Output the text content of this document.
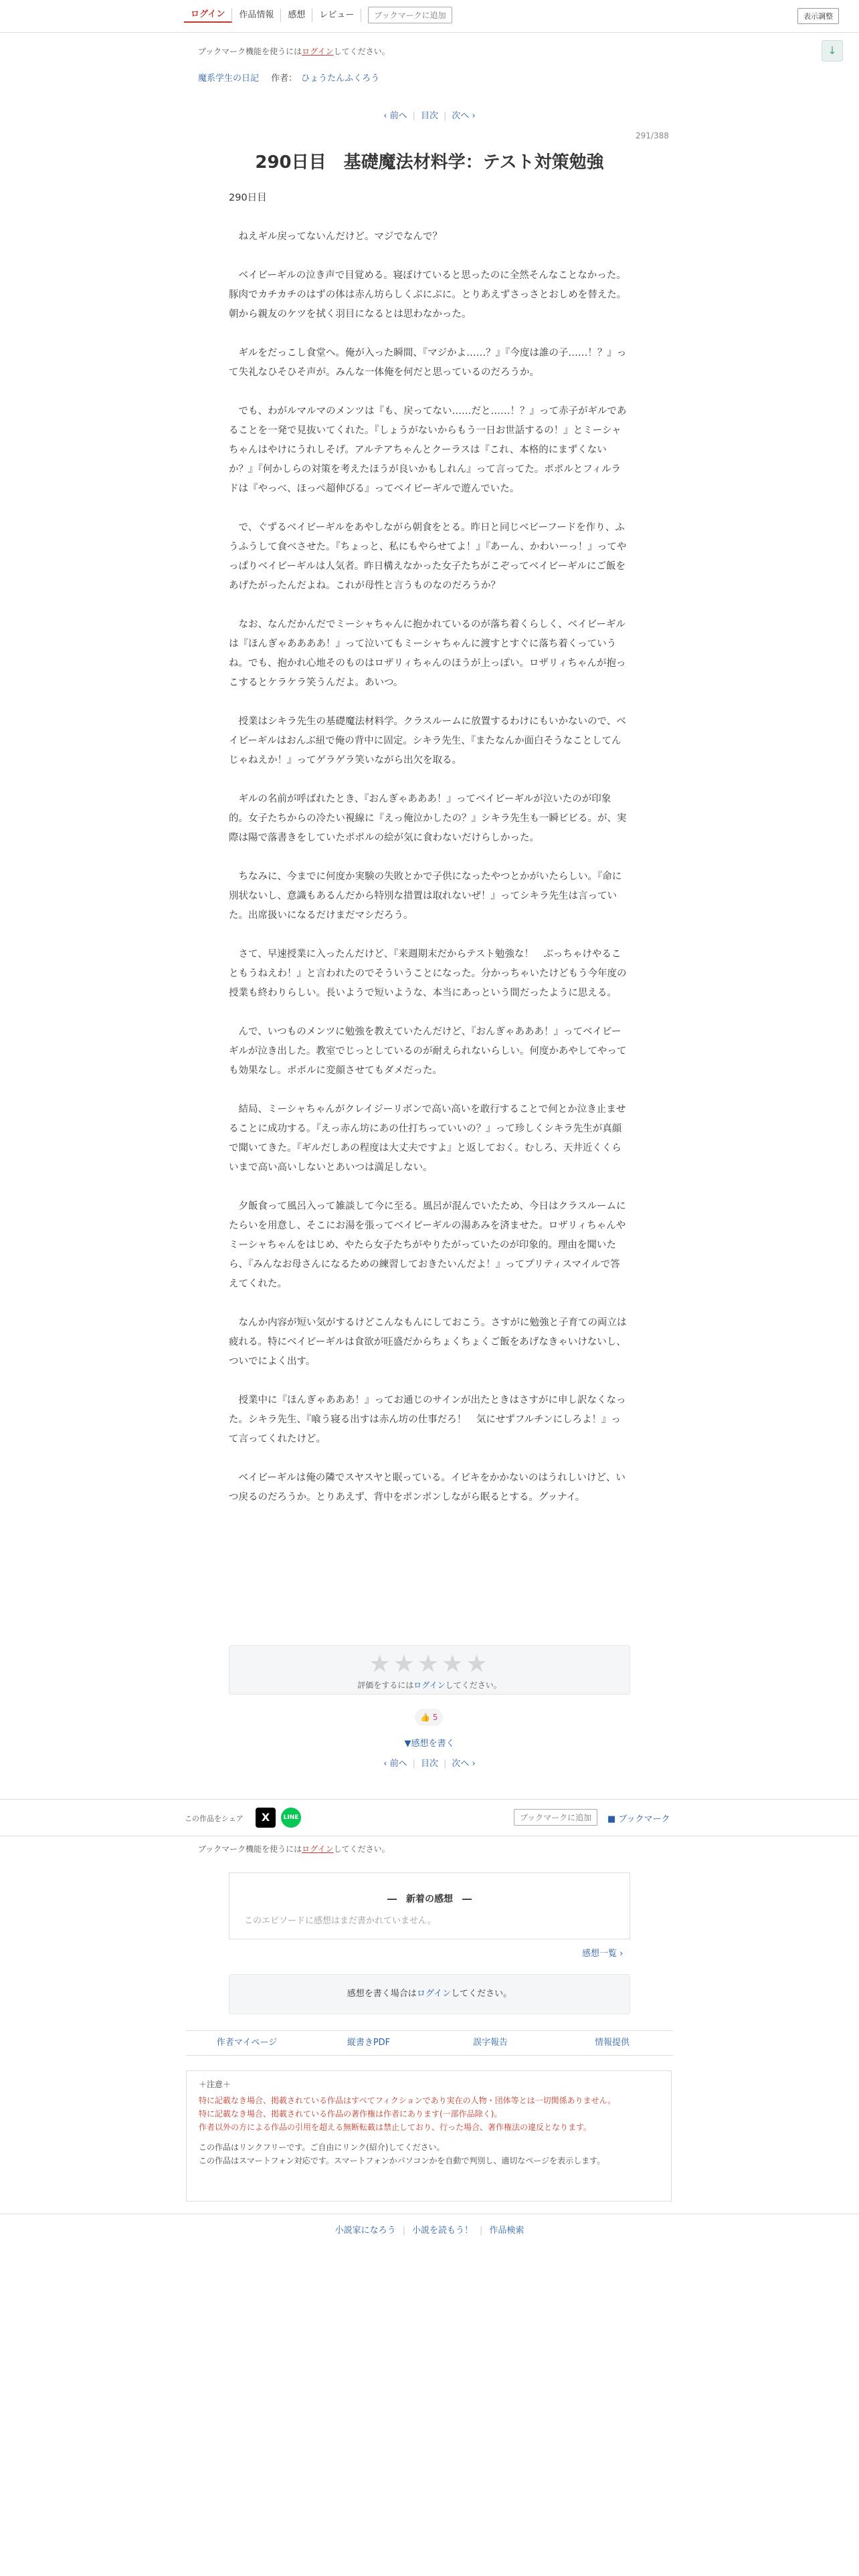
ログイン	作品情報	感想	レビュー	ブックマークに追加	表示調整
↓
ブックマーク機能を使うにはログインしてください。
魔系学生の日記 作者： ひょうたんふくろう
‹ 前へ | 目次 | 次へ ›
291/388
290日目　基礎魔法材料学：テスト対策勉強

290日目

　ねえギル戻ってないんだけど。マジでなんで？

　ベイビーギルの泣き声で目覚める。寝ぼけていると思ったのに全然そんなことなかった。豚肉でカチカチのはずの体は赤ん坊らしくぷにぷに。とりあえずさっさとおしめを替えた。朝から親友のケツを拭く羽目になるとは思わなかった。

　ギルをだっこし食堂へ。俺が入った瞬間、『マジかよ……？』『今度は誰の子……！？』って失礼なひそひそ声が。みんな一体俺を何だと思っているのだろうか。

　でも、わがルマルマのメンツは『も、戻ってない……だと……！？』って赤子がギルであることを一発で見抜いてくれた。『しょうがないからもう一日お世話するの！』とミーシャちゃんはやけにうれしそげ。アルテアちゃんとクーラスは『これ、本格的にまずくないか？』『何かしらの対策を考えたほうが良いかもしれん』って言ってた。ポポルとフィルラドは『やっべ、ほっぺ超伸びる』ってベイビーギルで遊んでいた。

　で、ぐずるベイビーギルをあやしながら朝食をとる。昨日と同じベビーフードを作り、ふうふうして食べさせた。『ちょっと、私にもやらせてよ！』『あーん、かわいーっ！』ってやっぱりベイビーギルは人気者。昨日構えなかった女子たちがこぞってベイビーギルにご飯をあげたがったんだよね。これが母性と言うものなのだろうか？

　なお、なんだかんだでミーシャちゃんに抱かれているのが落ち着くらしく、ベイビーギルは『ほんぎゃああああ！』って泣いてもミーシャちゃんに渡すとすぐに落ち着くっていうね。でも、抱かれ心地そのものはロザリィちゃんのほうが上っぽい。ロザリィちゃんが抱っこするとケラケラ笑うんだよ。あいつ。

　授業はシキラ先生の基礎魔法材料学。クラスルームに放置するわけにもいかないので、ベイビーギルはおんぶ紐で俺の背中に固定。シキラ先生、『またなんか面白そうなことしてんじゃねえか！』ってゲラゲラ笑いながら出欠を取る。

　ギルの名前が呼ばれたとき、『おんぎゃあああ！』ってベイビーギルが泣いたのが印象的。女子たちからの冷たい視線に『えっ俺泣かしたの？』シキラ先生も一瞬ビビる。が、実際は陽で落書きをしていたポポルの絵が気に食わないだけらしかった。

　ちなみに、今までに何度か実験の失敗とかで子供になったやつとかがいたらしい。『命に別状ないし、意識もあるんだから特別な措置は取れないぜ！』ってシキラ先生は言っていた。出席扱いになるだけまだマシだろう。

　さて、早速授業に入ったんだけど、『来週期末だからテスト勉強な！　ぶっちゃけやることもうねえわ！』と言われたのでそういうことになった。分かっちゃいたけどもう今年度の授業も終わりらしい。長いようで短いような、本当にあっという間だったように思える。

　んで、いつものメンツに勉強を教えていたんだけど、『おんぎゃあああ！』ってベイビーギルが泣き出した。教室でじっとしているのが耐えられないらしい。何度かあやしてやっても効果なし。ポポルに変顔させてもダメだった。

　結局、ミーシャちゃんがクレイジーリボンで高い高いを敢行することで何とか泣き止ませることに成功する。『えっ赤ん坊にあの仕打ちっていいの？』って珍しくシキラ先生が真顔で聞いてきた。『ギルだしあの程度は大丈夫ですよ』と返しておく。むしろ、天井近くくらいまで高い高いしないとあいつは満足しない。

　夕飯食って風呂入って雑談して今に至る。風呂が混んでいたため、今日はクラスルームにたらいを用意し、そこにお湯を張ってベイビーギルの湯あみを済ませた。ロザリィちゃんやミーシャちゃんをはじめ、やたら女子たちがやりたがっていたのが印象的。理由を聞いたら、『みんなお母さんになるための練習しておきたいんだよ！』ってプリティスマイルで答えてくれた。

　なんか内容が短い気がするけどこんなもんにしておこう。さすがに勉強と子育ての両立は疲れる。特にベイビーギルは食欲が旺盛だからちょくちょくご飯をあげなきゃいけないし、ついでによく出す。

　授業中に『ほんぎゃあああ！』ってお通じのサインが出たときはさすがに申し訳なくなった。シキラ先生、『喰う寝る出すは赤ん坊の仕事だろ！　気にせずフルチンにしろよ！』って言ってくれたけど。

　ベイビーギルは俺の隣でスヤスヤと眠っている。イビキをかかないのはうれしいけど、いつ戻るのだろうか。とりあえず、背中をポンポンしながら眠るとする。グッナイ。

★★★★★
評価をするにはログインしてください。
👍 5
▼感想を書く
‹ 前へ | 目次 | 次へ ›
この作品をシェア	X	LINE	ブックマークに追加	■ ブックマーク
ブックマーク機能を使うにはログインしてください。
―　新着の感想　―
このエピソードに感想はまだ書かれていません。
感想一覧 ›
感想を書く場合はログインしてください。
作者マイページ	縦書きPDF	誤字報告	情報提供
＋注意＋
特に記載なき場合、掲載されている作品はすべてフィクションであり実在の人物・団体等とは一切関係ありません。
特に記載なき場合、掲載されている作品の著作権は作者にあります(一部作品除く)。
作者以外の方による作品の引用を超える無断転載は禁止しており、行った場合、著作権法の違反となります。
この作品はリンクフリーです。ご自由にリンク(紹介)してください。
この作品はスマートフォン対応です。スマートフォンかパソコンかを自動で判別し、適切なページを表示します。
小説家になろう | 小説を読もう！ | 作品検索
